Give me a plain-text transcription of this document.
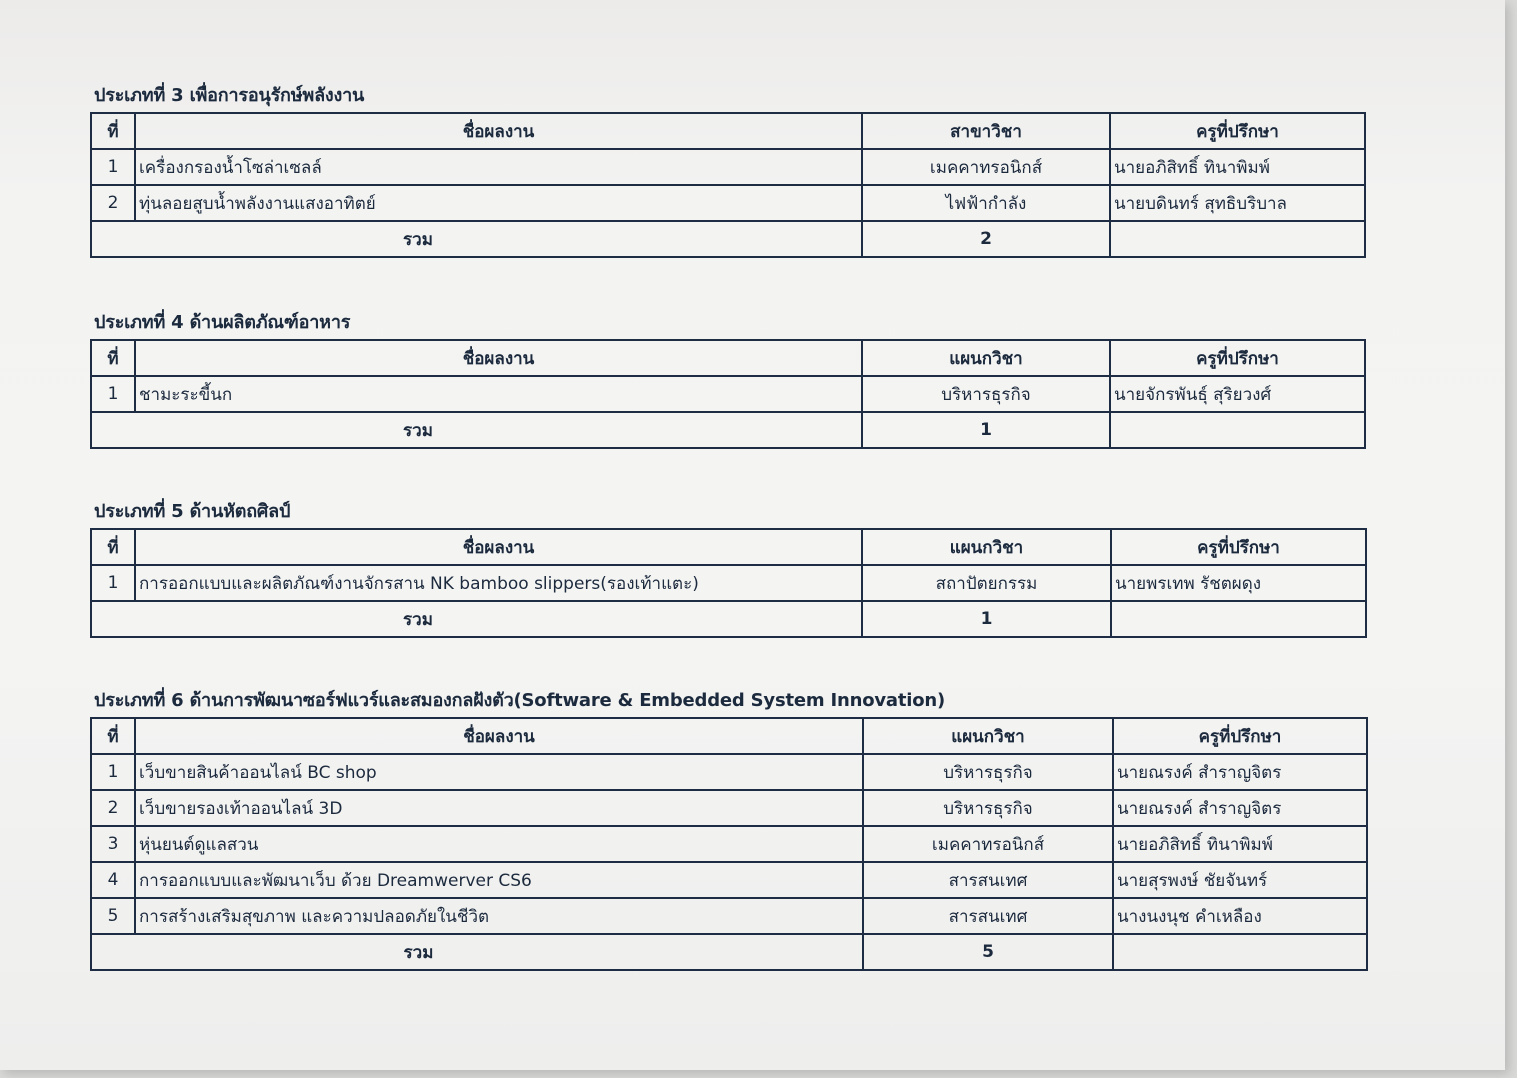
ประเภทที่ 3 เพื่อการอนุรักษ์พลังงาน
ที่	ชื่อผลงาน	สาขาวิชา	ครูที่ปรึกษา
1	เครื่องกรองน้ำโซล่าเซลล์	เมคคาทรอนิกส์	นายอภิสิทธิ์ ทินาพิมพ์
2	ทุ่นลอยสูบน้ำพลังงานแสงอาทิตย์	ไฟฟ้ากำลัง	นายบดินทร์ สุทธิบริบาล
รวม		2	
ประเภทที่ 4 ด้านผลิตภัณฑ์อาหาร
ที่	ชื่อผลงาน	แผนกวิชา	ครูที่ปรึกษา
1	ชามะระขี้นก	บริหารธุรกิจ	นายจักรพันธุ์ สุริยวงศ์
รวม		1	
ประเภทที่ 5 ด้านหัตถศิลป์
ที่	ชื่อผลงาน	แผนกวิชา	ครูที่ปรึกษา
1	การออกแบบและผลิตภัณฑ์งานจักรสาน NK bamboo slippers(รองเท้าแตะ)	สถาปัตยกรรม	นายพรเทพ รัชตผดุง
รวม		1	
ประเภทที่ 6 ด้านการพัฒนาซอร์ฟแวร์และสมองกลฝังตัว(Software & Embedded System Innovation)
ที่	ชื่อผลงาน	แผนกวิชา	ครูที่ปรึกษา
1	เว็บขายสินค้าออนไลน์ BC shop	บริหารธุรกิจ	นายณรงค์ สำราญจิตร
2	เว็บขายรองเท้าออนไลน์ 3D	บริหารธุรกิจ	นายณรงค์ สำราญจิตร
3	หุ่นยนต์ดูแลสวน	เมคคาทรอนิกส์	นายอภิสิทธิ์ ทินาพิมพ์
4	การออกแบบและพัฒนาเว็บ ด้วย Dreamwerver CS6	สารสนเทศ	นายสุรพงษ์ ชัยจันทร์
5	การสร้างเสริมสุขภาพ และความปลอดภัยในชีวิต	สารสนเทศ	นางนงนุช คำเหลือง
รวม		5	
